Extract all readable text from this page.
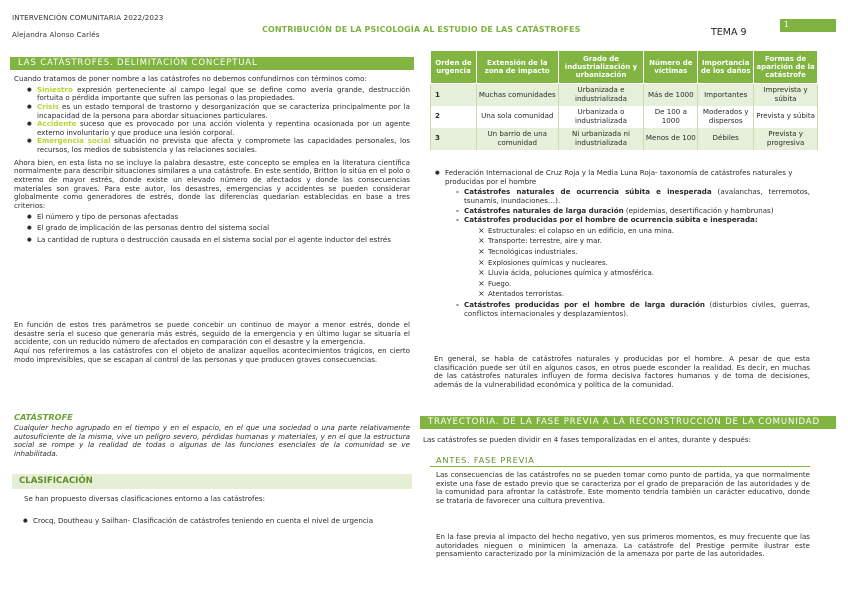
INTERVENCIÓN COMUNITARIA 2022/2023
Alejandra Alonso Carlés
CONTRIBUCIÓN DE LA PSICOLOGÍA AL ESTUDIO DE LAS CATÁSTROFES	TEMA 9
1
LAS CATÁSTROFES. DELIMITACIÓN CONCEPTUAL

Cuando tratamos de poner nombre a las catástrofes no debemos confundirnos con términos como:

● Siniestro expresión perteneciente al campo legal que se define como avería grande, destrucción fortuita o pérdida importante que sufren las personas o las propiedades.
● Crisis es un estado temporal de trastorno y desorganización que se caracteriza principalmente por la incapacidad de la persona para abordar situaciones particulares.
● Accidente suceso que es provocado por una acción violenta y repentina ocasionada por un agente externo involuntario y que produce una lesión corporal.
● Emergencia social situación no prevista que afecta y compromete las capacidades personales, los recursos, los medios de subsistencia y las relaciones sociales.

Ahora bien, en esta lista no se incluye la palabra desastre, este concepto se emplea en la literatura científica normalmente para describir situaciones similares a una catástrofe. En este sentido, Britton lo sitúa en el polo o extremo de mayor estrés, donde existe un elevado número de afectados y donde las consecuencias materiales son graves. Para este autor, los desastres, emergencias y accidentes se pueden considerar globalmente como generadores de estrés, donde las diferencias quedarían establecidas en base a tres criterios:

● El número y tipo de personas afectadas
● El grado de implicación de las personas dentro del sistema social
● La cantidad de ruptura o destrucción causada en el sistema social por el agente inductor del estrés

En función de estos tres parámetros se puede concebir un continuo de mayor a menor estrés, donde el desastre sería el suceso que generaría más estrés, seguido de la emergencia y en último lugar se situaría el accidente, con un reducido número de afectados en comparación con el desastre y la emergencia.

Aquí nos referiremos a las catástrofes con el objeto de analizar aquellos acontecimientos trágicos, en cierto modo imprevisibles, que se escapan al control de las personas y que producen graves consecuencias.

CATÁSTROFE

Cualquier hecho agrupado en el tiempo y en el espacio, en el que una sociedad o una parte relativamente autosuficiente de la misma, vive un peligro severo, pérdidas humanas y materiales, y en el que la estructura social se rompe y la realidad de todas o algunas de las funciones esenciales de la comunidad se ve inhabilitada.

CLASIFICACIÓN

Se han propuesto diversas clasificaciones entorno a las catástrofes:

● Crocq, Doutheau y Sailhan- Clasificación de catástrofes teniendo en cuenta el nivel de urgencia
Orden de urgencia	Extensión de la zona de impacto	Grado de industrialización y urbanización	Número de víctimas	Importancia de los daños	Formas de aparición de la catástrofe
1	Muchas comunidades	Urbanizada e industrializada	Más de 1000	Importantes	Imprevista y súbita
2	Una sola comunidad	Urbanizada o industrializada	De 100 a 1000	Moderados y dispersos	Prevista y súbita
3	Un barrio de una comunidad	Ni urbanizada ni industrializada	Menos de 100	Débiles	Prevista y progresiva
● Federación Internacional de Cruz Roja y la Media Luna Roja- taxonomía de catástrofes naturales y producidas por el hombre
- Catástrofes naturales de ocurrencia súbita e inesperada (avalanchas, terremotos, tsunamis, inundaciones…).
- Catástrofes naturales de larga duración (epidemias, desertificación y hambrunas)
- Catástrofes producidas por el hombre de ocurrencia súbita e inesperada:
× Estructurales: el colapso en un edificio, en una mina.
× Transporte: terrestre, aire y mar.
× Tecnológicas industriales.
× Explosiones químicas y nucleares.
× Lluvia ácida, poluciones química y atmosférica.
× Fuego.
× Atentados terroristas.
- Catástrofes producidas por el hombre de larga duración (disturbios civiles, guerras, conflictos internacionales y desplazamientos).

En general, se habla de catástrofes naturales y producidas por el hombre. A pesar de que esta clasificación puede ser útil en algunos casos, en otros puede esconder la realidad. Es decir, en muchas de las catástrofes naturales influyen de forma decisiva factores humanos y de toma de decisiones, además de la vulnerabilidad económica y política de la comunidad.

TRAYECTORIA. DE LA FASE PREVIA A LA RECONSTRUCCIÓN DE LA COMUNIDAD

Las catástrofes se pueden dividir en 4 fases temporalizadas en el antes, durante y después:

ANTES. FASE PREVIA

Las consecuencias de las catástrofes no se pueden tomar como punto de partida, ya que normalmente existe una fase de estado previo que se caracteriza por el grado de preparación de las autoridades y de la comunidad para afrontar la catástrofe. Este momento tendría también un carácter educativo, donde se trataría de favorecer una cultura preventiva.

En la fase previa al impacto del hecho negativo, yen sus primeros momentos, es muy frecuente que las autoridades nieguen o minimicen la amenaza. La catástrofe del Prestige permite ilustrar este pensamiento caracterizado por la minimización de la amenaza por parte de las autoridades.
